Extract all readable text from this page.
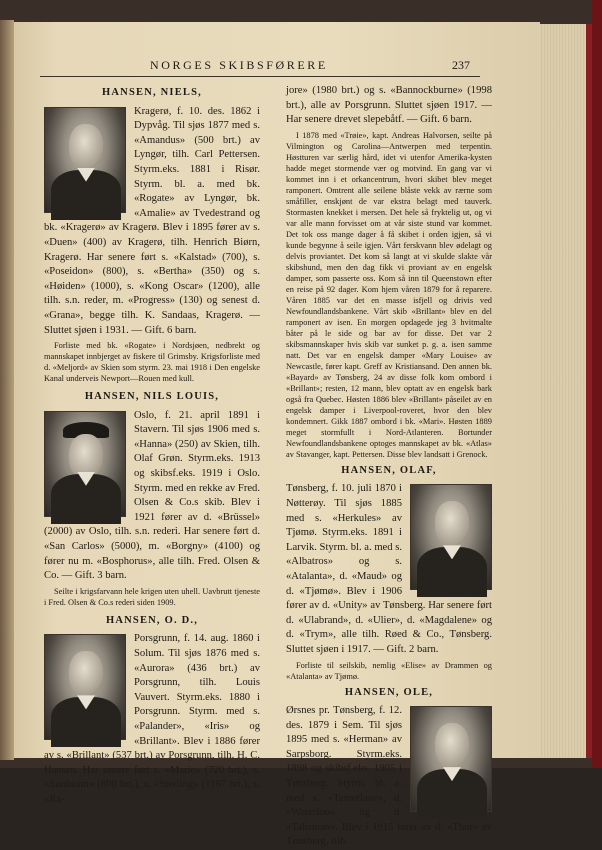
NORGES SKIBSFØRERE	237
HANSEN, NIELS,

Kragerø, f. 10. des. 1862 i Dypvåg. Til sjøs 1877 med s. «Amandus» (500 brt.) av Lyngør, tilh. Carl Pettersen. Styrm.eks. 1881 i Risør. Styrm. bl. a. med bk. «Rogate» av Lyngør, bk. «Amalie» av Tvedestrand og bk. «Kragerø» av Kragerø. Blev i 1895 fører av s. «Duen» (400) av Kragerø, tilh. Henrich Biørn, Kragerø. Har senere ført s. «Kalstad» (700), s. «Poseidon» (800), s. «Bertha» (350) og s. «Høiden» (1000), s. «Kong Oscar» (1200), alle tilh. s.n. reder, m. «Progress» (130) og senest d. «Grana», begge tilh. K. Sandaas, Kragerø. — Sluttet sjøen i 1931. — Gift. 6 barn.

Forliste med bk. «Rogate» i Nordsjøen, nedbrekt og mannskapet innbjerget av fiskere til Grimsby. Krigsforliste med d. «Meljord» av Skien som styrm. 23. mai 1918 i Den engelske Kanal underveis Newport—Rouen med kull.

HANSEN, NILS LOUIS,

Oslo, f. 21. april 1891 i Stavern. Til sjøs 1906 med s. «Hanna» (250) av Skien, tilh. Olaf Grøn. Styrm.eks. 1913 og skibsf.eks. 1919 i Oslo. Styrm. med en rekke av Fred. Olsen & Co.s skib. Blev i 1921 fører av d. «Brüssel» (2000) av Oslo, tilh. s.n. rederi. Har senere ført d. «San Carlos» (5000), m. «Borgny» (4100) og fører nu m. «Bosphorus», alle tilh. Fred. Olsen & Co. — Gift. 3 barn.

Seilte i krigsfarvann hele krigen uten uhell. Uavbrutt tjeneste i Fred. Olsen & Co.s rederi siden 1909.

HANSEN, O. D.,

Porsgrunn, f. 14. aug. 1860 i Solum. Til sjøs 1876 med s. «Aurora» (436 brt.) av Porsgrunn, tilh. Louis Vauvert. Styrm.eks. 1880 i Porsgrunn. Styrm. med s. «Palander», «Iris» og «Brillant». Blev i 1886 fører av s. «Brillant» (537 brt.) av Porsgrunn, tilh. H. C. Hansen. Har senere ført s. «Marie» (720 brt.), s. «Sunbeam» (800 brt.), s. «Sterling» (1167 brt.), s. «Ra-

jore» (1980 brt.) og s. «Bannockburne» (1998 brt.), alle av Porsgrunn. Sluttet sjøen 1917. — Har senere drevet slepebåtf. — Gift. 6 barn.

I 1878 med «Trøie», kapt. Andreas Halvorsen, seilte på Vilmington og Carolina—Antwerpen med terpentin. Høstturen var særlig hård, idet vi utenfor Amerika-kysten hadde meget stormende vær og motvind. En gang var vi kommet inn i et orkancentrum, hvori skibet blev meget ramponert. Omtrent alle seilene blåste vekk av rærne som småfiller, enskjønt de var ekstra belagt med tauverk. Stormasten knekket i mersen. Det hele så fryktelig ut, og vi var alle mann forvisset om at vår siste stund var kommet. Det tok oss mange dager å få skibet i orden igjen, så vi kunde begynne å seile igjen. Vårt ferskvann blev ødelagt og delvis proviantet. Det kom så langt at vi skulde slakte vår skibshund, men den dag fikk vi proviant av en engelsk damper, som passerte oss. Kom så inn til Queenstown efter en reise på 92 dager. Kom hjem våren 1879 for å reparere. Våren 1885 var det en masse isfjell og drivis ved Newfoundlandsbankene. Vårt skib «Brillant» blev en del ramponert av isen. En morgen opdagede jeg 3 hvitmalte båter på le side og bar av for disse. Det var 2 skibsmannskaper hvis skib var sunket p. g. a. isen samme natt. Det var en engelsk damper «Mary Louise» av Newcastle, fører kapt. Greff av Kristiansand. Den annen bk. «Bayard» av Tønsberg, 24 av disse folk kom ombord i «Brillant»; resten, 12 mann, blev optatt av en engelsk bark også fra Quebec. Høsten 1886 blev «Brillant» påseilet av en engelsk damper i Liverpool-roveret, hvor den blev kondemnert. Gikk 1887 ombord i bk. «Mari». Høsten 1889 meget stormfullt i Nord-Atlanteren. Bortunder Newfoundlandsbankene optoges mannskapet av bk. «Atlas» av Stavanger, kapt. Pettersen. Disse blev landsatt i Grenock.

HANSEN, OLAF,

Tønsberg, f. 10. juli 1870 i Nøtterøy. Til sjøs 1885 med s. «Herkules» av Tjømø. Styrm.eks. 1891 i Larvik. Styrm. bl. a. med s. «Albatros» og s. «Atalanta», d. «Maud» og d. «Tjømø». Blev i 1906 fører av d. «Unity» av Tønsberg. Har senere ført d. «Ulabrand», d. «Ulier», d. «Magdalene» og d. «Trym», alle tilh. Røed & Co., Tønsberg. Sluttet sjøen i 1917. — Gift. 2 barn.

Forliste til seilskib, nemlig «Elise» av Drammen og «Atalanta» av Tjømø.

HANSEN, OLE,

Ørsnes pr. Tønsberg, f. 12. des. 1879 i Sem. Til sjøs 1895 med s. «Herman» av Sarpsborg. Styrm.eks. 1898 og skibsf.eks. 1905 i Tønsberg. Styrm. bl. a. med s. «Tamerlane», d. «Waterloo» og d. «Talisman». Blev i 1915 fører av d. «Thor» av Tønsberg, tilh.
